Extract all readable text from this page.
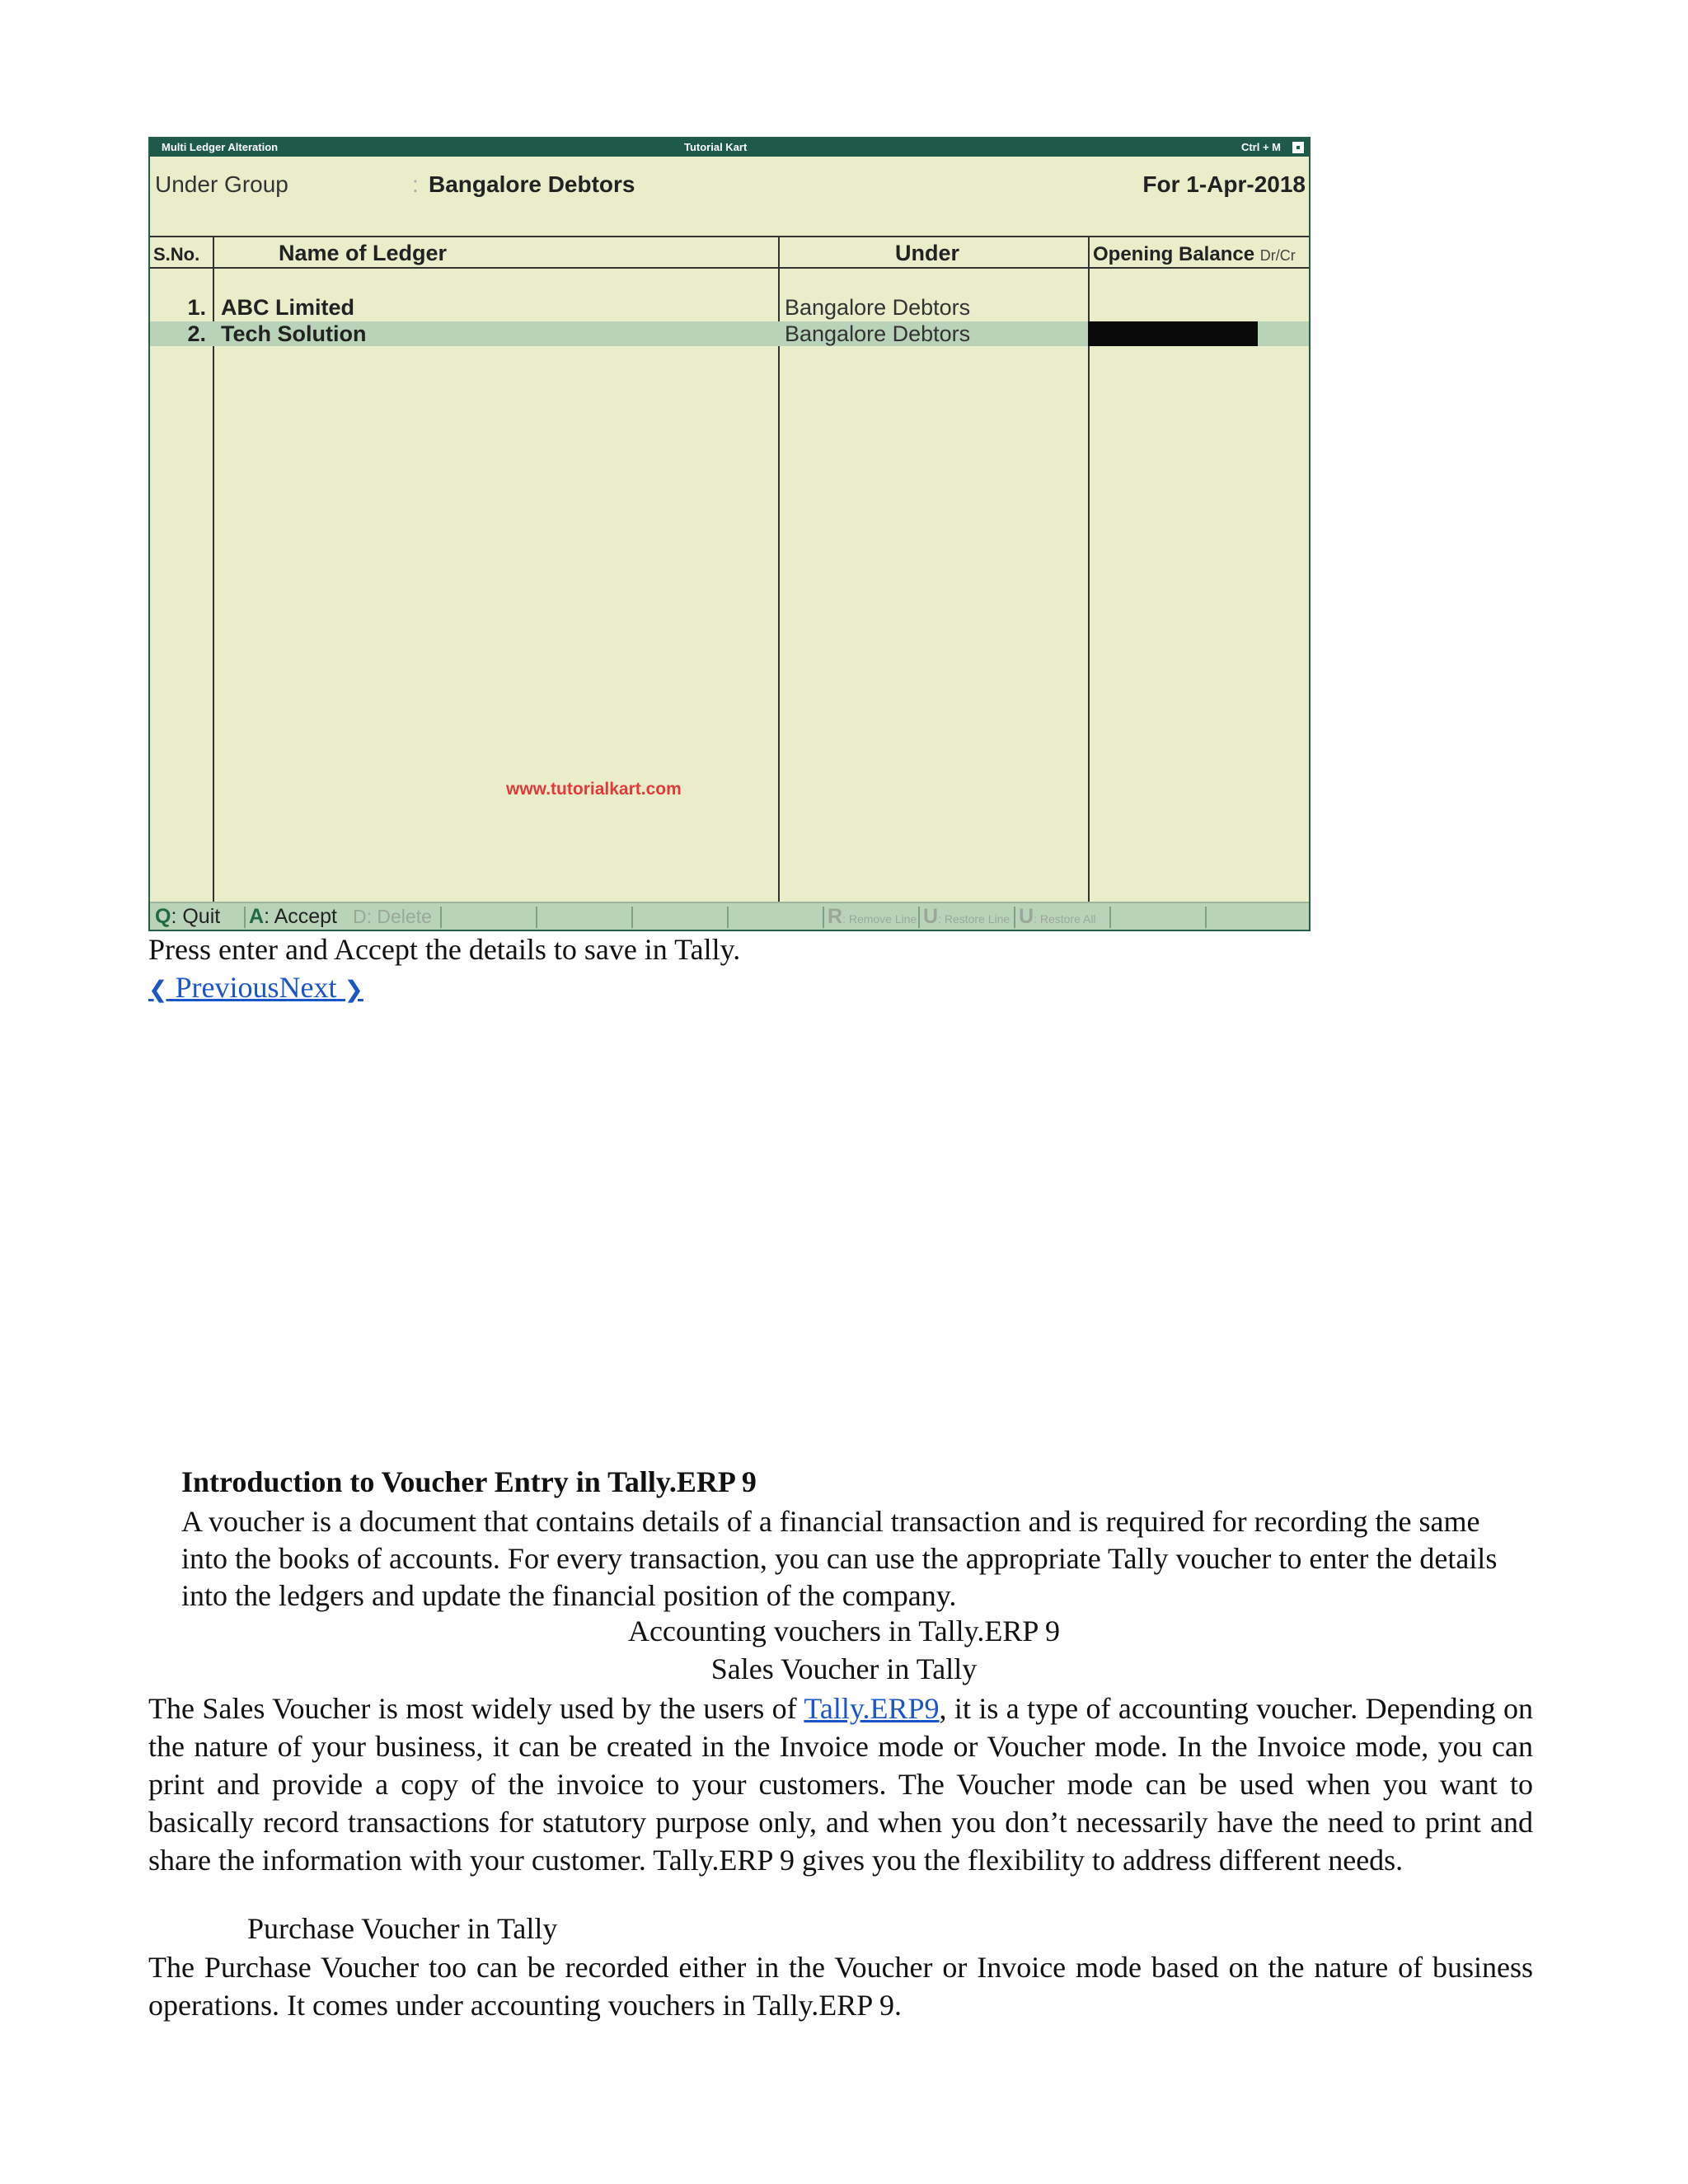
Multi Ledger Alteration	Tutorial Kart	Ctrl + M
Under Group	: Bangalore Debtors	For 1-Apr-2018
S.No.	Name of Ledger	Under	Opening Balance Dr/Cr
1. ABC Limited	Bangalore Debtors
2. Tech Solution	Bangalore Debtors
www.tutorialkart.com
Q: Quit A: Accept D: Delete	R: Remove Line U: Restore Line U: Restore All
Press enter and Accept the details to save in Tally.
❮ PreviousNext ❯
Introduction to Voucher Entry in Tally.ERP 9
A voucher is a document that contains details of a financial transaction and is required for recording the same into the books of accounts. For every transaction, you can use the appropriate Tally voucher to enter the details into the ledgers and update the financial position of the company.
Accounting vouchers in Tally.ERP 9
Sales Voucher in Tally
The Sales Voucher is most widely used by the users of Tally.ERP9, it is a type of accounting voucher. Depending on the nature of your business, it can be created in the Invoice mode or Voucher mode. In the Invoice mode, you can print and provide a copy of the invoice to your customers. The Voucher mode can be used when you want to basically record transactions for statutory purpose only, and when you don’t necessarily have the need to print and share the information with your customer. Tally.ERP 9 gives you the flexibility to address different needs.
Purchase Voucher in Tally
The Purchase Voucher too can be recorded either in the Voucher or Invoice mode based on the nature of business operations. It comes under accounting vouchers in Tally.ERP 9.
